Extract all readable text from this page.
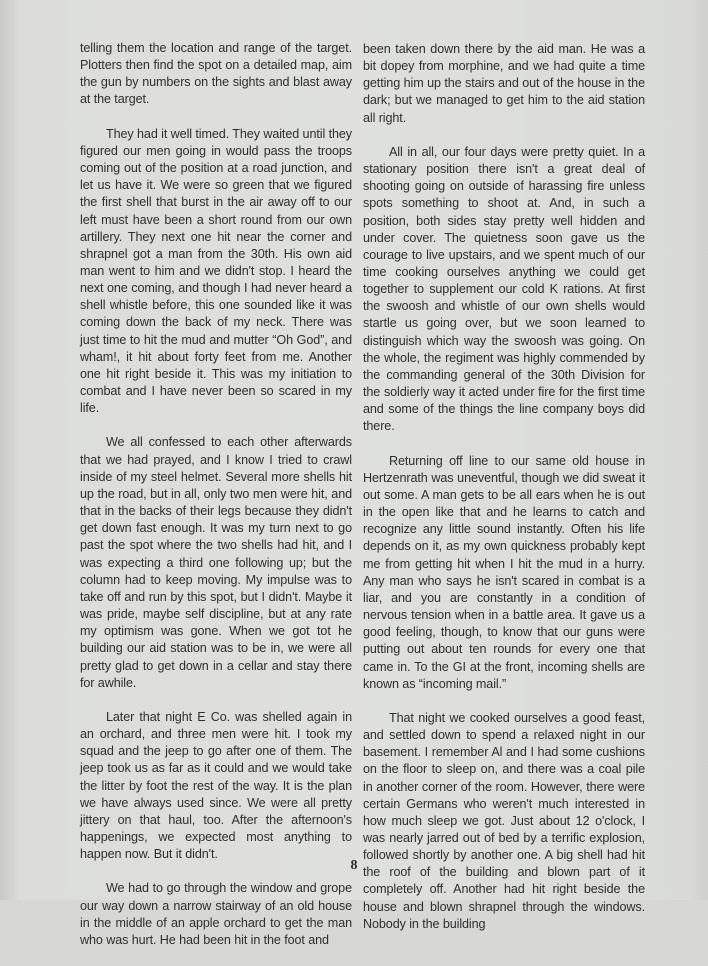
telling them the location and range of the target. Plotters then find the spot on a detailed map, aim the gun by numbers on the sights and blast away at the target.

They had it well timed. They waited until they figured our men going in would pass the troops coming out of the position at a road junction, and let us have it. We were so green that we figured the first shell that burst in the air away off to our left must have been a short round from our own artillery. They next one hit near the corner and shrapnel got a man from the 30th. His own aid man went to him and we didn't stop. I heard the next one coming, and though I had never heard a shell whistle before, this one sounded like it was coming down the back of my neck. There was just time to hit the mud and mutter “Oh God”, and wham!, it hit about forty feet from me. Another one hit right beside it. This was my initiation to combat and I have never been so scared in my life.

We all confessed to each other afterwards that we had prayed, and I know I tried to crawl inside of my steel helmet. Several more shells hit up the road, but in all, only two men were hit, and that in the backs of their legs because they didn't get down fast enough. It was my turn next to go past the spot where the two shells had hit, and I was expecting a third one following up; but the column had to keep moving. My impulse was to take off and run by this spot, but I didn't. Maybe it was pride, maybe self discipline, but at any rate my optimism was gone. When we got tot he building our aid station was to be in, we were all pretty glad to get down in a cellar and stay there for awhile.

Later that night E Co. was shelled again in an orchard, and three men were hit. I took my squad and the jeep to go after one of them. The jeep took us as far as it could and we would take the litter by foot the rest of the way. It is the plan we have always used since. We were all pretty jittery on that haul, too. After the afternoon's happenings, we expected most anything to happen now. But it didn't.

We had to go through the window and grope our way down a narrow stairway of an old house in the middle of an apple orchard to get the man who was hurt. He had been hit in the foot and

been taken down there by the aid man. He was a bit dopey from morphine, and we had quite a time getting him up the stairs and out of the house in the dark; but we managed to get him to the aid station all right.

All in all, our four days were pretty quiet. In a stationary position there isn't a great deal of shooting going on outside of harassing fire unless spots something to shoot at. And, in such a position, both sides stay pretty well hidden and under cover. The quietness soon gave us the courage to live upstairs, and we spent much of our time cooking ourselves anything we could get together to supplement our cold K rations. At first the swoosh and whistle of our own shells would startle us going over, but we soon learned to distinguish which way the swoosh was going. On the whole, the regiment was highly commended by the commanding general of the 30th Division for the soldierly way it acted under fire for the first time and some of the things the line company boys did there.

Returning off line to our same old house in Hertzenrath was uneventful, though we did sweat it out some. A man gets to be all ears when he is out in the open like that and he learns to catch and recognize any little sound instantly. Often his life depends on it, as my own quickness probably kept me from getting hit when I hit the mud in a hurry. Any man who says he isn't scared in combat is a liar, and you are constantly in a condition of nervous tension when in a battle area. It gave us a good feeling, though, to know that our guns were putting out about ten rounds for every one that came in. To the GI at the front, incoming shells are known as “incoming mail.”

That night we cooked ourselves a good feast, and settled down to spend a relaxed night in our basement. I remember Al and I had some cushions on the floor to sleep on, and there was a coal pile in another corner of the room. However, there were certain Germans who weren't much interested in how much sleep we got. Just about 12 o'clock, I was nearly jarred out of bed by a terrific explosion, followed shortly by another one. A big shell had hit the roof of the building and blown part of it completely off. Another had hit right beside the house and blown shrapnel through the windows. Nobody in the building

8
